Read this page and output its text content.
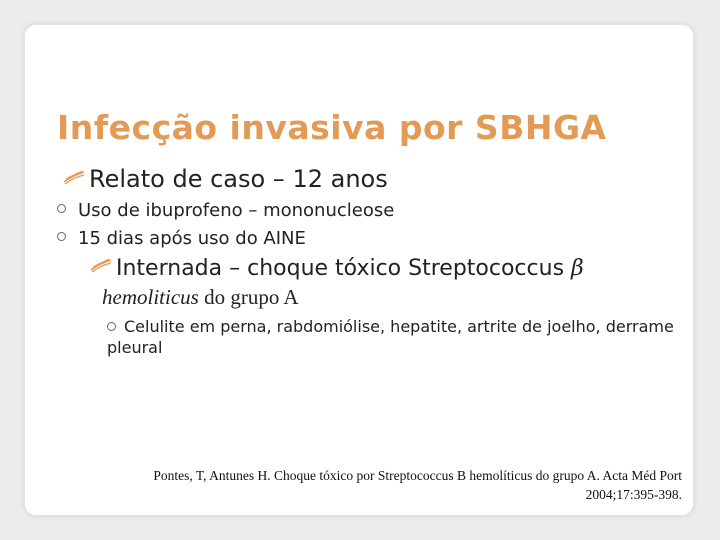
Infecção invasiva por SBHGA
Relato de caso – 12 anos
Uso de ibuprofeno – mononucleose
15 dias após uso do AINE
Internada – choque tóxico Streptococcus β
hemoliticus do grupo A
Celulite em perna, rabdomiólise, hepatite, artrite de joelho, derrame pleural
Pontes, T, Antunes H. Choque tóxico por Streptococcus B hemolíticus do grupo A. Acta Méd Port
2004;17:395-398.
